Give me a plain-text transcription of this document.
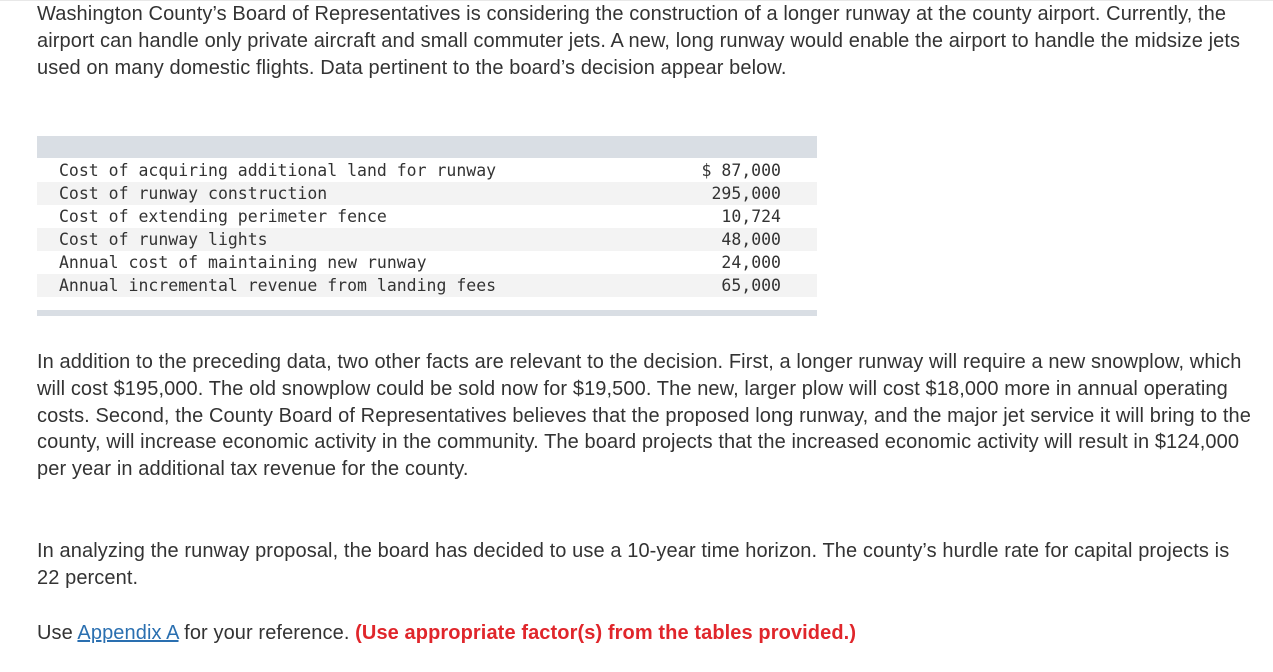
Washington County’s Board of Representatives is considering the construction of a longer runway at the county airport. Currently, the airport can handle only private aircraft and small commuter jets. A new, long runway would enable the airport to handle the midsize jets used on many domestic flights. Data pertinent to the board’s decision appear below.

Cost of acquiring additional land for runway	$ 87,000
Cost of runway construction	295,000
Cost of extending perimeter fence	10,724
Cost of runway lights	48,000
Annual cost of maintaining new runway	24,000
Annual incremental revenue from landing fees	65,000

In addition to the preceding data, two other facts are relevant to the decision. First, a longer runway will require a new snowplow, which will cost $195,000. The old snowplow could be sold now for $19,500. The new, larger plow will cost $18,000 more in annual operating costs. Second, the County Board of Representatives believes that the proposed long runway, and the major jet service it will bring to the county, will increase economic activity in the community. The board projects that the increased economic activity will result in $124,000 per year in additional tax revenue for the county.

In analyzing the runway proposal, the board has decided to use a 10-year time horizon. The county’s hurdle rate for capital projects is 22 percent.

Use Appendix A for your reference. (Use appropriate factor(s) from the tables provided.)
